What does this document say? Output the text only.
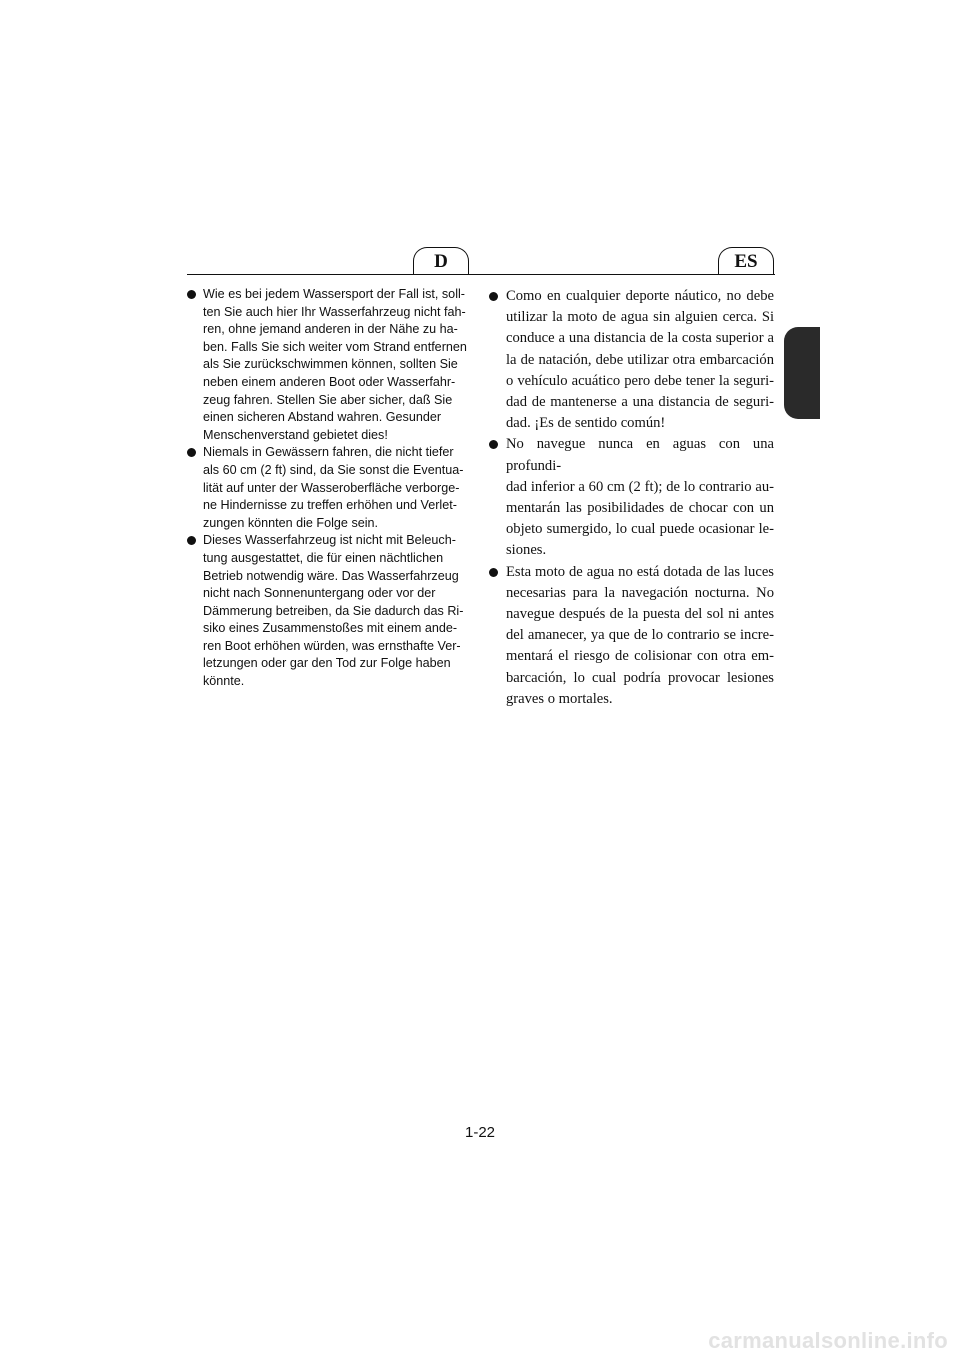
D	ES
Wie es bei jedem Wassersport der Fall ist, soll-
ten Sie auch hier Ihr Wasserfahrzeug nicht fah-
ren, ohne jemand anderen in der Nähe zu ha-
ben. Falls Sie sich weiter vom Strand entfernen
als Sie zurückschwimmen können, sollten Sie
neben einem anderen Boot oder Wasserfahr-
zeug fahren. Stellen Sie aber sicher, daß Sie
einen sicheren Abstand wahren. Gesunder
Menschenverstand gebietet dies!
Niemals in Gewässern fahren, die nicht tiefer
als 60 cm (2 ft) sind, da Sie sonst die Eventua-
lität auf unter der Wasseroberfläche verborge-
ne Hindernisse zu treffen erhöhen und Verlet-
zungen könnten die Folge sein.
Dieses Wasserfahrzeug ist nicht mit Beleuch-
tung ausgestattet, die für einen nächtlichen
Betrieb notwendig wäre. Das Wasserfahrzeug
nicht nach Sonnenuntergang oder vor der
Dämmerung betreiben, da Sie dadurch das Ri-
siko eines Zusammenstoßes mit einem ande-
ren Boot erhöhen würden, was ernsthafte Ver-
letzungen oder gar den Tod zur Folge haben
könnte.
Como en cualquier deporte náutico, no debe
utilizar la moto de agua sin alguien cerca. Si
conduce a una distancia de la costa superior a
la de natación, debe utilizar otra embarcación
o vehículo acuático pero debe tener la seguri-
dad de mantenerse a una distancia de seguri-
dad. ¡Es de sentido común!
No navegue nunca en aguas con una profundi-
dad inferior a 60 cm (2 ft); de lo contrario au-
mentarán las posibilidades de chocar con un
objeto sumergido, lo cual puede ocasionar le-
siones.
Esta moto de agua no está dotada de las luces
necesarias para la navegación nocturna. No
navegue después de la puesta del sol ni antes
del amanecer, ya que de lo contrario se incre-
mentará el riesgo de colisionar con otra em-
barcación, lo cual podría provocar lesiones
graves o mortales.
1-22
carmanualsonline.info
